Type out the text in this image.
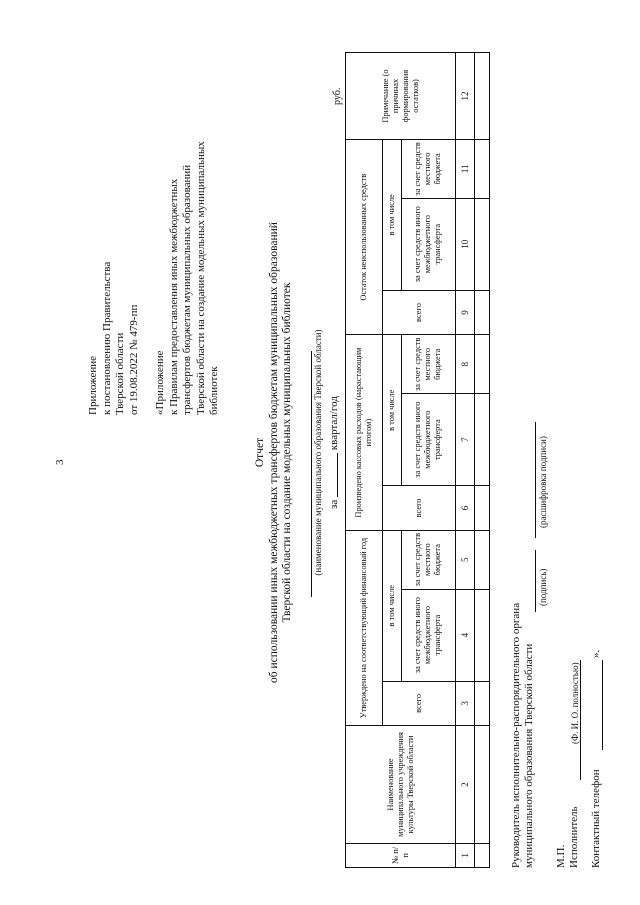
3
Приложение к постановлению Правительства Тверской области от 19.08.2022 № 479-пп «Приложение к Правилам предоставления иных межбюджетных трансфертов бюджетам муниципальных образований Тверской области на создание модельных муниципальных библиотек
Отчет об использовании иных межбюджетных трансфертов бюджетам муниципальных образований Тверской области на создание модельных муниципальных библиотек (наименование муниципального образования Тверской области) за  квартал/год
руб.
№ п/п	Наименование муниципального учреждения культуры Тверской области	Утверждено на соответствующий финансовый год			Произведено кассовых расходов (нарастающим итогом)			Остаток неиспользованных средств			Примечание (о причинах формирования остатков)
		всего	в том числе		всего	в том числе		всего	в том числе		
			за счет средств иного межбюджетного трансферта	за счет средств местного бюджета		за счет средств иного межбюджетного трансферта	за счет средств местного бюджета		за счет средств иного межбюджетного трансферта	за счет средств местного бюджета	
1	2	3	4	5	6	7	8	9	10	11	12

Руководитель исполнительно-распорядительного органа муниципального образования Тверской области
(подпись)
(расшифровка подписи)
М.П. Исполнитель
(Ф. И. О. полностью)
Контактный телефон
».
